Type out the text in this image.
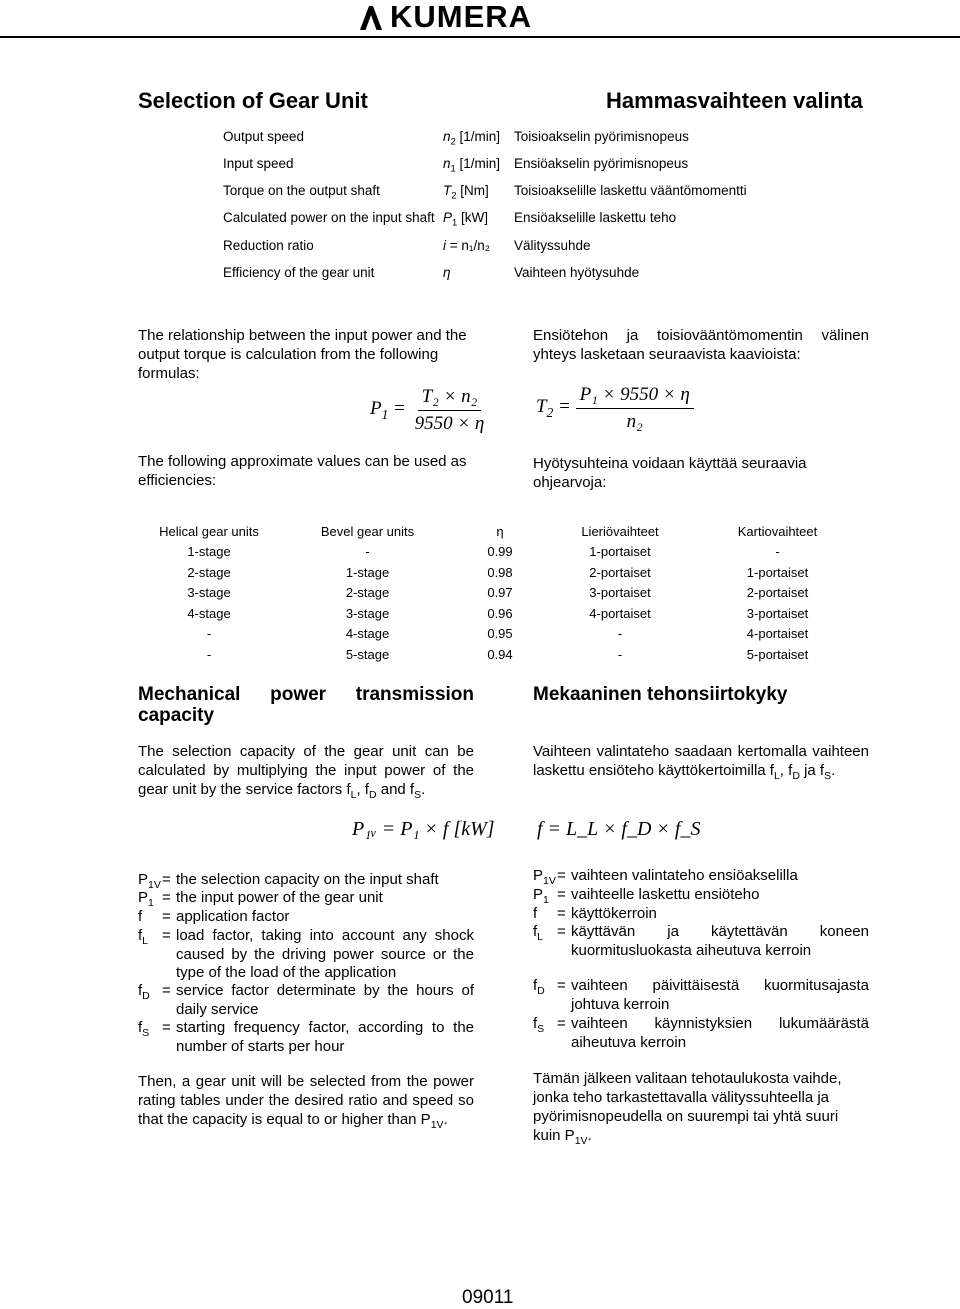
KUMERA
Selection of Gear Unit	Hammasvaihteen valinta
Output speed	$n_2$ [1/min] Toisioakselin pyörimisnopeus
Input speed	$n_1$ [1/min] Ensiöakselin pyörimisnopeus
Torque on the output shaft	$T_2$ [Nm] Toisioakselille laskettu vääntömomentti
Calculated power on the input shaft $P_1$ [kW] Ensiöakselille laskettu teho
Reduction ratio	i = n₁/n₂ Välityssuhde
Efficiency of the gear unit	η	Vaihteen hyötysuhde
The relationship between the input power and the output torque is calculation from the following formulas:
Ensiötehon ja toisiovääntömomentin välinen yhteys lasketaan seuraavista kaavioista:
$P_1 = \frac{\text{T₂ × n₂}}{9550 \times \eta}$	$T_2 = \frac{\text{P₁ × 9550 × η}}{\text{n₂}}$
The following approximate values can be used as efficiencies:
Hyötysuhteina voidaan käyttää seuraavia ohjearvoja:
Helical gear units	Bevel gear units	η	Lieriövaihteet	Kartiovaihteet
1-stage	-	0.99	1-portaiset	-
2-stage	1-stage	0.98	2-portaiset	1-portaiset
3-stage	2-stage	0.97	3-portaiset	2-portaiset
4-stage	3-stage	0.96	4-portaiset	3-portaiset
-	4-stage	0.95	-	4-portaiset
-	5-stage	0.94	-	5-portaiset
Mechanical power transmission capacity
Mekaaninen tehonsiirtokyky
The selection capacity of the gear unit can be calculated by multiplying the input power of the gear unit by the service factors $f_L$, $f_D$ and $f_S$.
Vaihteen valintateho saadaan kertomalla vaihteen laskettu ensiöteho käyttökertoimilla $f_L$, $f_D$ ja $f_S$.
P₁ᵥ = P₁ × f [kW] f = L_L × f_D × f_S
$P_{1V}$ = the selection capacity on the input shaft
$P_1$ = the input power of the gear unit
f = application factor
$f_L$ = load factor, taking into account any shock caused by the driving power source or the type of the load of the application
$f_D$ = service factor determinate by the hours of daily service
$f_S$ = starting frequency factor, according to the number of starts per hour
$P_{1V}$ = vaihteen valintateho ensiöakselilla
$P_1$ = vaihteelle laskettu ensiöteho
f = käyttökerroin
$f_L$ = käyttävän ja käytettävän koneen kuormitusluokasta aiheutuva kerroin
$f_D$ = vaihteen päivittäisestä kuormitusajasta johtuva kerroin
$f_S$ = vaihteen käynnistyksien lukumäärästä aiheutuva kerroin
Then, a gear unit will be selected from the power rating tables under the desired ratio and speed so that the capacity is equal to or higher than $P_{1V}$.
Tämän jälkeen valitaan tehotaulukosta vaihde, jonka teho tarkastettavalla välityssuhteella ja pyörimisnopeudella on suurempi tai yhtä suuri kuin $P_{1V}$.
09011
